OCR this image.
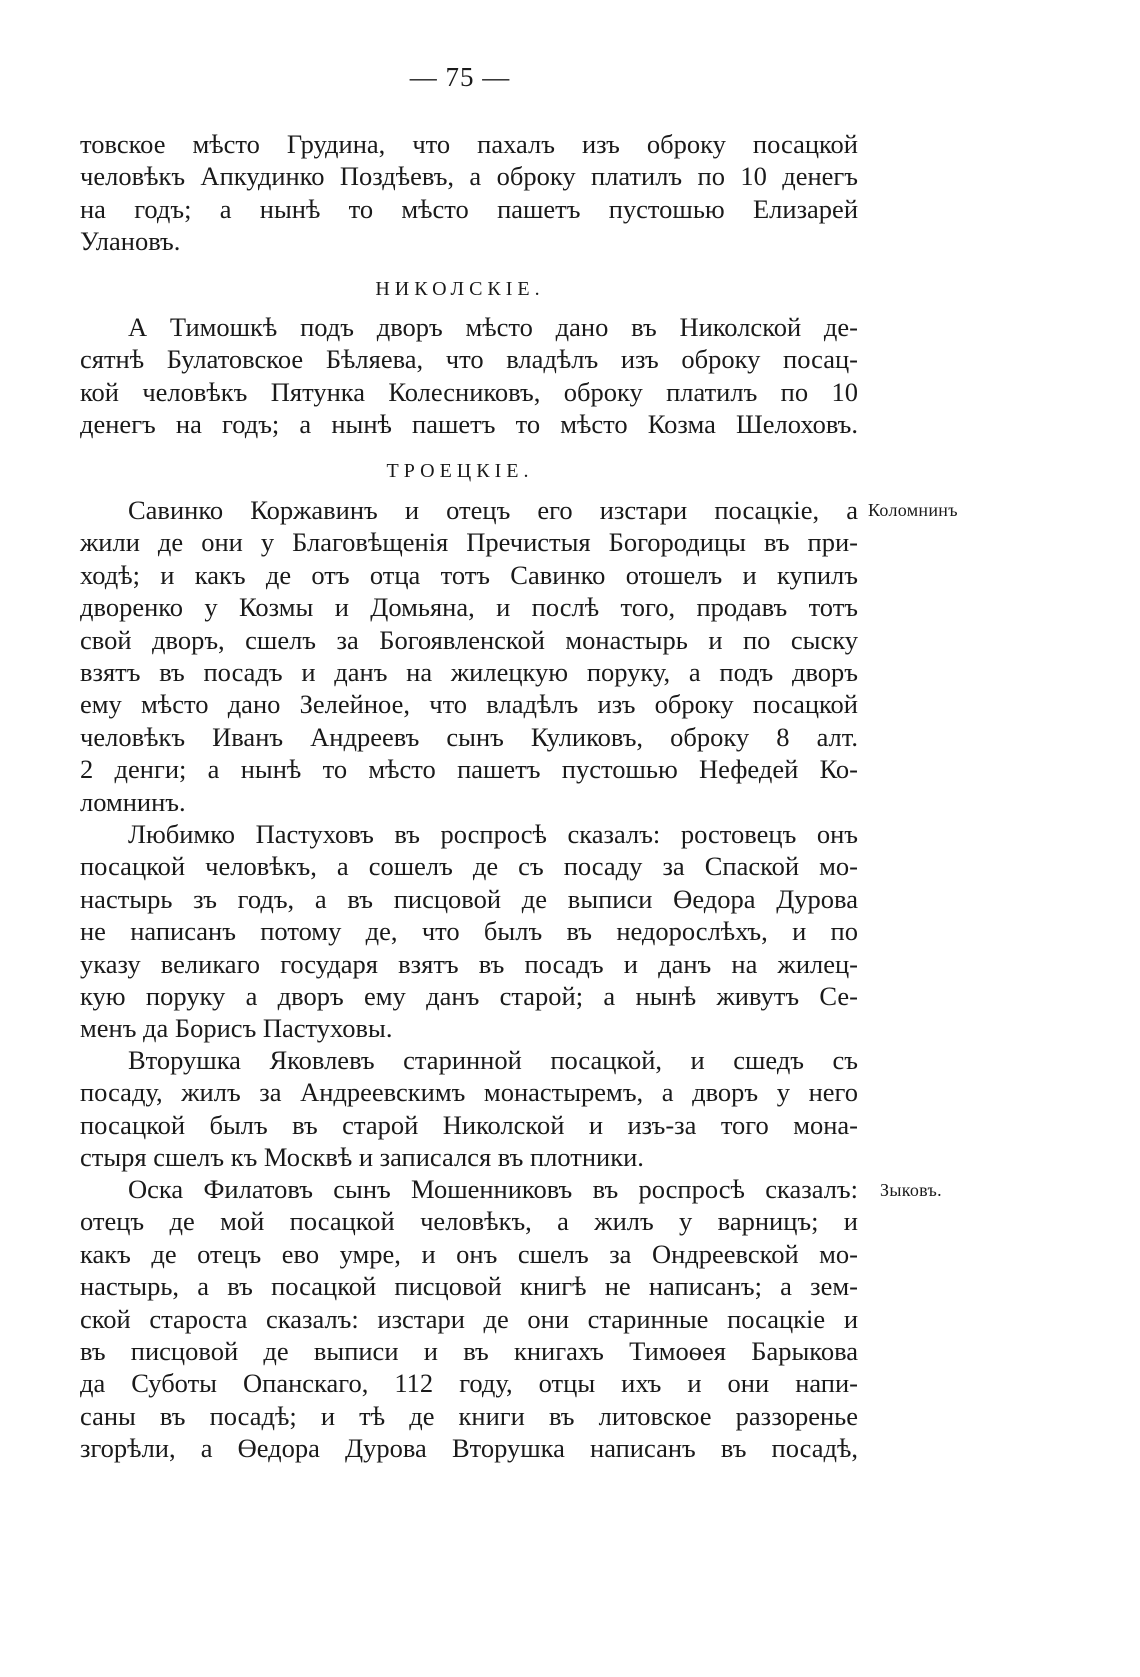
— 75 —
товское мѣсто Грудина, что пахалъ изъ оброку посацкой
человѣкъ Апкудинко Поздѣевъ, а оброку платилъ по 10 денегъ
на годъ; а нынѣ то мѣсто пашетъ пустошью Елизарей
Улановъ.
НИКОЛСКІЕ.
А Тимошкѣ подъ дворъ мѣсто дано въ Николской де-
сятнѣ Булатовское Бѣляева, что владѣлъ изъ оброку посац-
кой человѣкъ Пятунка Колесниковъ, оброку платилъ по 10
денегъ на годъ; а нынѣ пашетъ то мѣсто Козма Шелоховъ.
ТРОЕЦКІЕ.
Савинко Коржавинъ и отецъ его изстари посацкіе, а
жили де они у Благовѣщенія Пречистыя Богородицы въ при-
ходѣ; и какъ де отъ отца тотъ Савинко отошелъ и купилъ
дворенко у Козмы и Домьяна, и послѣ того, продавъ тотъ
свой дворъ, сшелъ за Богоявленской монастырь и по сыску
взятъ въ посадъ и данъ на жилецкую поруку, а подъ дворъ
ему мѣсто дано Зелейное, что владѣлъ изъ оброку посацкой
человѣкъ Иванъ Андреевъ сынъ Куликовъ, оброку 8 алт.
2 денги; а нынѣ то мѣсто пашетъ пустошью Нефедей Ко-
ломнинъ.
Любимко Пастуховъ въ роспросѣ сказалъ: ростовецъ онъ
посацкой человѣкъ, а сошелъ де съ посаду за Спаской мо-
настырь зъ годъ, а въ писцовой де выписи Өедора Дурова
не написанъ потому де, что былъ въ недорослѣхъ, и по
указу великаго государя взятъ въ посадъ и данъ на жилец-
кую поруку а дворъ ему данъ старой; а нынѣ живутъ Се-
менъ да Борисъ Пастуховы.
Вторушка Яковлевъ старинной посацкой, и сшедъ съ
посаду, жилъ за Андреевскимъ монастыремъ, а дворъ у него
посацкой былъ въ старой Николской и изъ-за того мона-
стыря сшелъ къ Москвѣ и записался въ плотники.
Оска Филатовъ сынъ Мошенниковъ въ роспросѣ сказалъ:
отецъ де мой посацкой человѣкъ, а жилъ у варницъ; и
какъ де отецъ ево умре, и онъ сшелъ за Ондреевской мо-
настырь, а въ посацкой писцовой книгѣ не написанъ; а зем-
ской староста сказалъ: изстари де они старинные посацкіе и
въ писцовой де выписи и въ книгахъ Тимоѳея Барыкова
да Суботы Опанскаго, 112 году, отцы ихъ и они напи-
саны въ посадѣ; и тѣ де книги въ литовское раззоренье
згорѣли, а Өедора Дурова Вторушка написанъ въ посадѣ,
Коломнинъ
Зыковъ.
